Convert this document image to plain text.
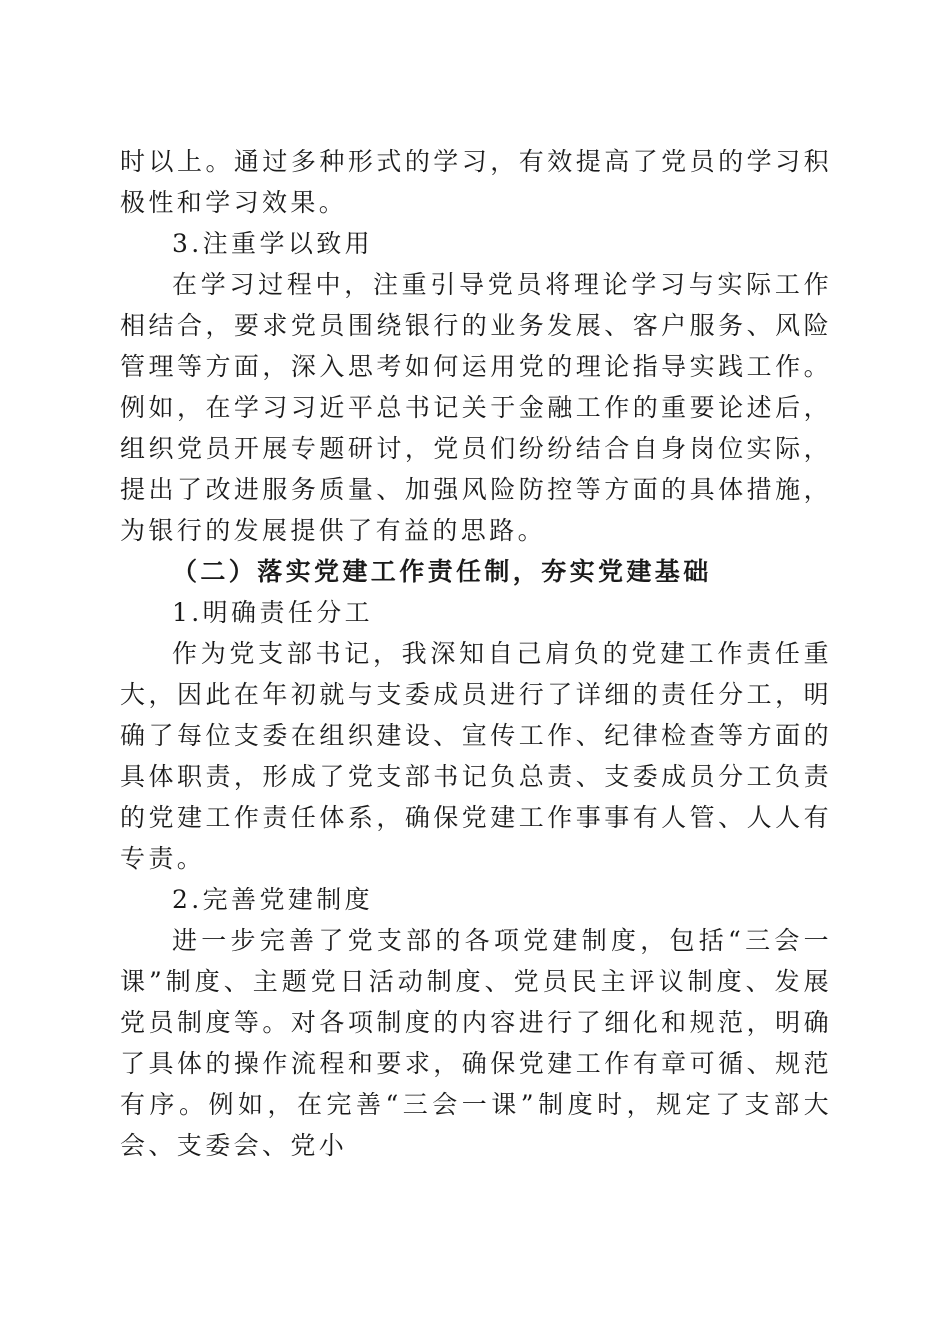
时以上。通过多种形式的学习，有效提高了党员的学习积极性和学习效果。

3.注重学以致用

在学习过程中，注重引导党员将理论学习与实际工作相结合，要求党员围绕银行的业务发展、客户服务、风险管理等方面，深入思考如何运用党的理论指导实践工作。例如，在学习习近平总书记关于金融工作的重要论述后，组织党员开展专题研讨，党员们纷纷结合自身岗位实际，提出了改进服务质量、加强风险防控等方面的具体措施，为银行的发展提供了有益的思路。

（二）落实党建工作责任制，夯实党建基础

1.明确责任分工

作为党支部书记，我深知自己肩负的党建工作责任重大，因此在年初就与支委成员进行了详细的责任分工，明确了每位支委在组织建设、宣传工作、纪律检查等方面的具体职责，形成了党支部书记负总责、支委成员分工负责的党建工作责任体系，确保党建工作事事有人管、人人有专责。

2.完善党建制度

进一步完善了党支部的各项党建制度，包括“三会一课”制度、主题党日活动制度、党员民主评议制度、发展党员制度等。对各项制度的内容进行了细化和规范，明确了具体的操作流程和要求，确保党建工作有章可循、规范有序。例如，在完善“三会一课”制度时，规定了支部大会、支委会、党小
